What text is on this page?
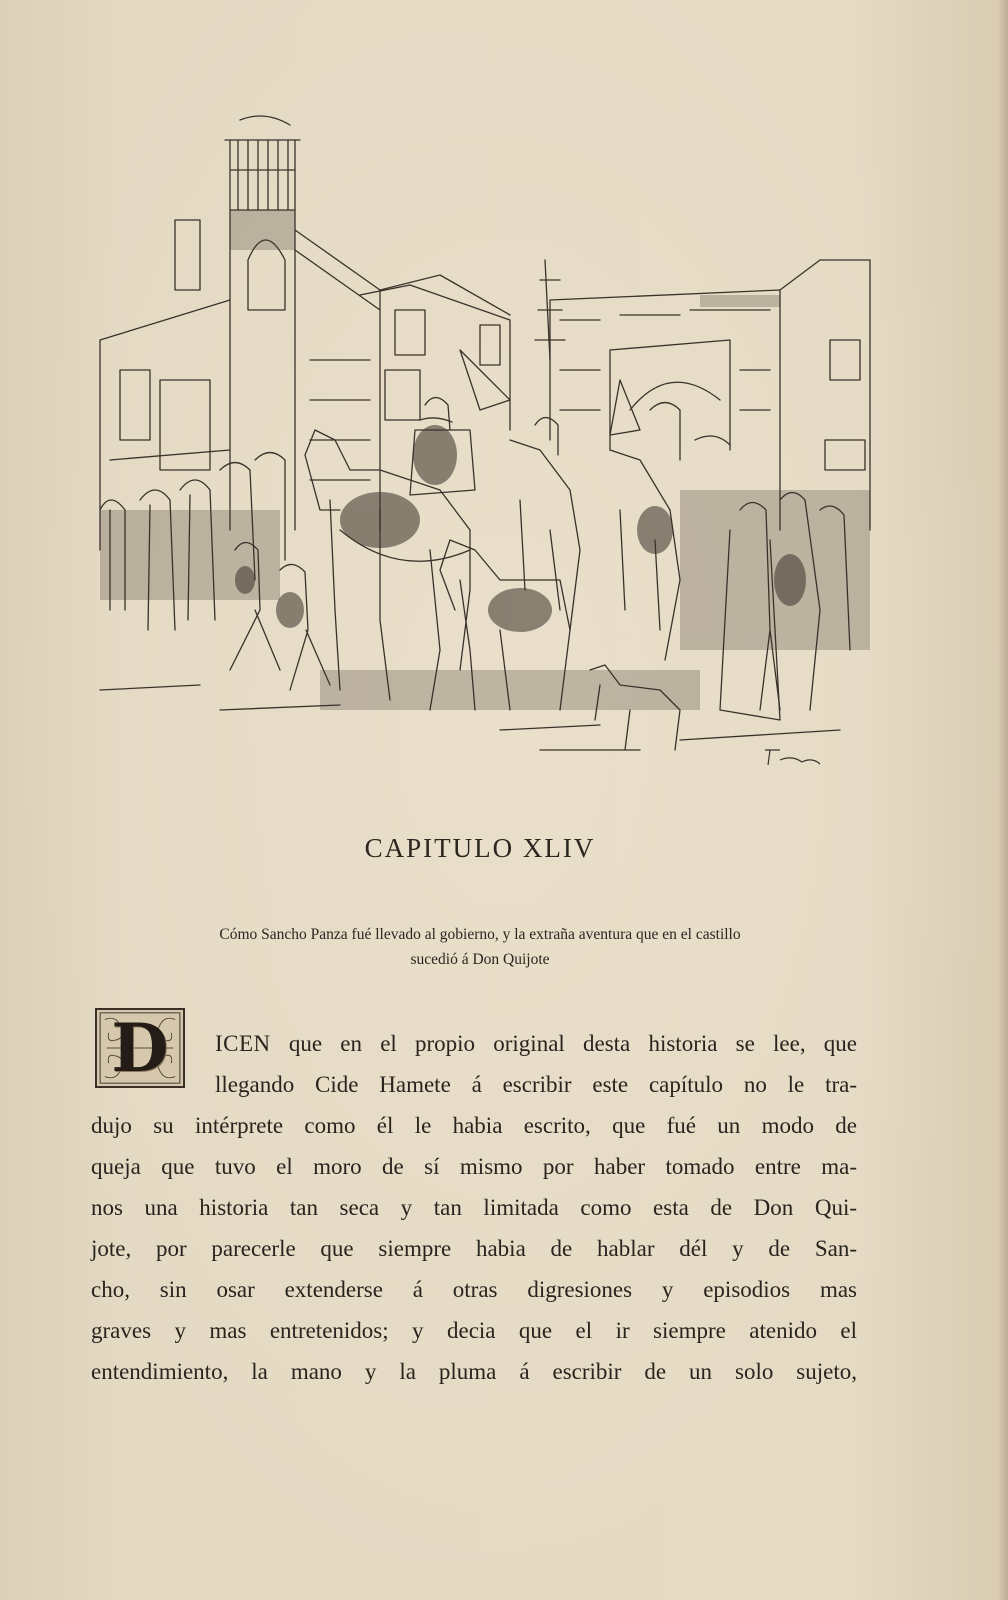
CAPITULO XLIV
Cómo Sancho Panza fué llevado al gobierno, y la extraña aventura que en el castillo
sucedió á Don Quijote
D	ICEN que en el propio original desta historia se lee, que
llegando Cide Hamete á escribir este capítulo no le tra-
dujo su intérprete como él le habia escrito, que fué un modo de
queja que tuvo el moro de sí mismo por haber tomado entre ma-
nos una historia tan seca y tan limitada como esta de Don Qui-
jote, por parecerle que siempre habia de hablar dél y de San-
cho, sin osar extenderse á otras digresiones y episodios mas
graves y mas entretenidos; y decia que el ir siempre atenido el
entendimiento, la mano y la pluma á escribir de un solo sujeto,
